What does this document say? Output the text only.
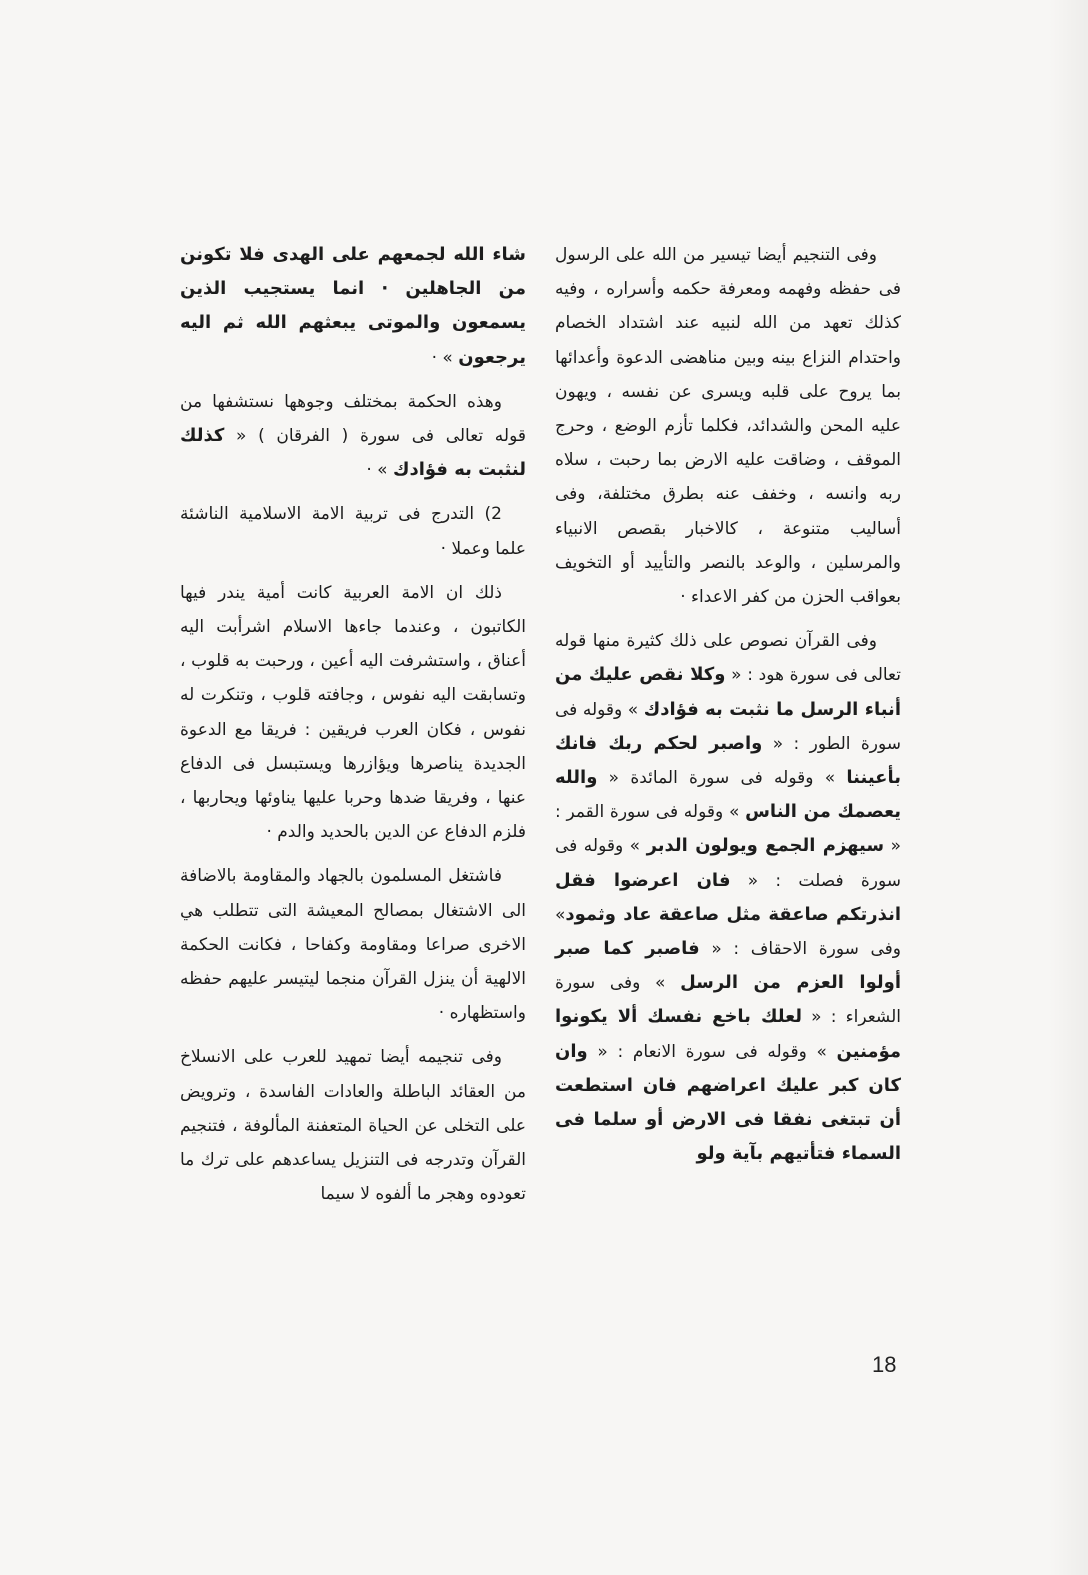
وفى التنجيم أيضا تيسير من الله على الرسول فى حفظه وفهمه ومعرفة حكمه وأسراره ، وفيه كذلك تعهد من الله لنبيه عند اشتداد الخصام واحتدام النزاع بينه وبين مناهضى الدعوة وأعدائها بما يروح على قلبه ويسرى عن نفسه ، ويهون عليه المحن والشدائد، فكلما تأزم الوضع ، وحرج الموقف ، وضاقت عليه الارض بما رحبت ، سلاه ربه وانسه ، وخفف عنه بطرق مختلفة، وفى أساليب متنوعة ، كالاخبار بقصص الانبياء والمرسلين ، والوعد بالنصر والتأييد أو التخويف بعواقب الحزن من كفر الاعداء ·

وفى القرآن نصوص على ذلك كثيرة منها قوله تعالى فى سورة هود : « وكلا نقص عليك من أنباء الرسل ما نثبت به فؤادك » وقوله فى سورة الطور : « واصبر لحكم ربك فانك بأعيننا » وقوله فى سورة المائدة « والله يعصمك من الناس » وقوله فى سورة القمر : « سيهزم الجمع ويولون الدبر » وقوله فى سورة فصلت : « فان اعرضوا فقل انذرتكم صاعقة مثل صاعقة عاد وثمود» وفى سورة الاحقاف : « فاصبر كما صبر أولوا العزم من الرسل » وفى سورة الشعراء : « لعلك باخع نفسك ألا يكونوا مؤمنين » وقوله فى سورة الانعام : « وان كان كبر عليك اعراضهم فان استطعت أن تبتغى نفقا فى الارض أو سلما فى السماء فتأتيهم بآية ولو

شاء الله لجمعهم على الهدى فلا تكونن من الجاهلين · انما يستجيب الذين يسمعون والموتى يبعثهم الله ثم اليه يرجعون » ·

وهذه الحكمة بمختلف وجوهها نستشفها من قوله تعالى فى سورة ( الفرقان ) « كذلك لنثبت به فؤادك » ·

2) التدرج فى تربية الامة الاسلامية الناشئة علما وعملا ·

ذلك ان الامة العربية كانت أمية يندر فيها الكاتبون ، وعندما جاءها الاسلام اشرأبت اليه أعناق ، واستشرفت اليه أعين ، ورحبت به قلوب ، وتسابقت اليه نفوس ، وجافته قلوب ، وتنكرت له نفوس ، فكان العرب فريقين : فريقا مع الدعوة الجديدة يناصرها ويؤازرها ويستبسل فى الدفاع عنها ، وفريقا ضدها وحربا عليها يناوئها ويحاربها ، فلزم الدفاع عن الدين بالحديد والدم ·

فاشتغل المسلمون بالجهاد والمقاومة بالاضافة الى الاشتغال بمصالح المعيشة التى تتطلب هي الاخرى صراعا ومقاومة وكفاحا ، فكانت الحكمة الالهية أن ينزل القرآن منجما ليتيسر عليهم حفظه واستظهاره ·

وفى تنجيمه أيضا تمهيد للعرب على الانسلاخ من العقائد الباطلة والعادات الفاسدة ، وترويض على التخلى عن الحياة المتعفنة المألوفة ، فتنجيم القرآن وتدرجه فى التنزيل يساعدهم على ترك ما تعودوه وهجر ما ألفوه لا سيما

18
